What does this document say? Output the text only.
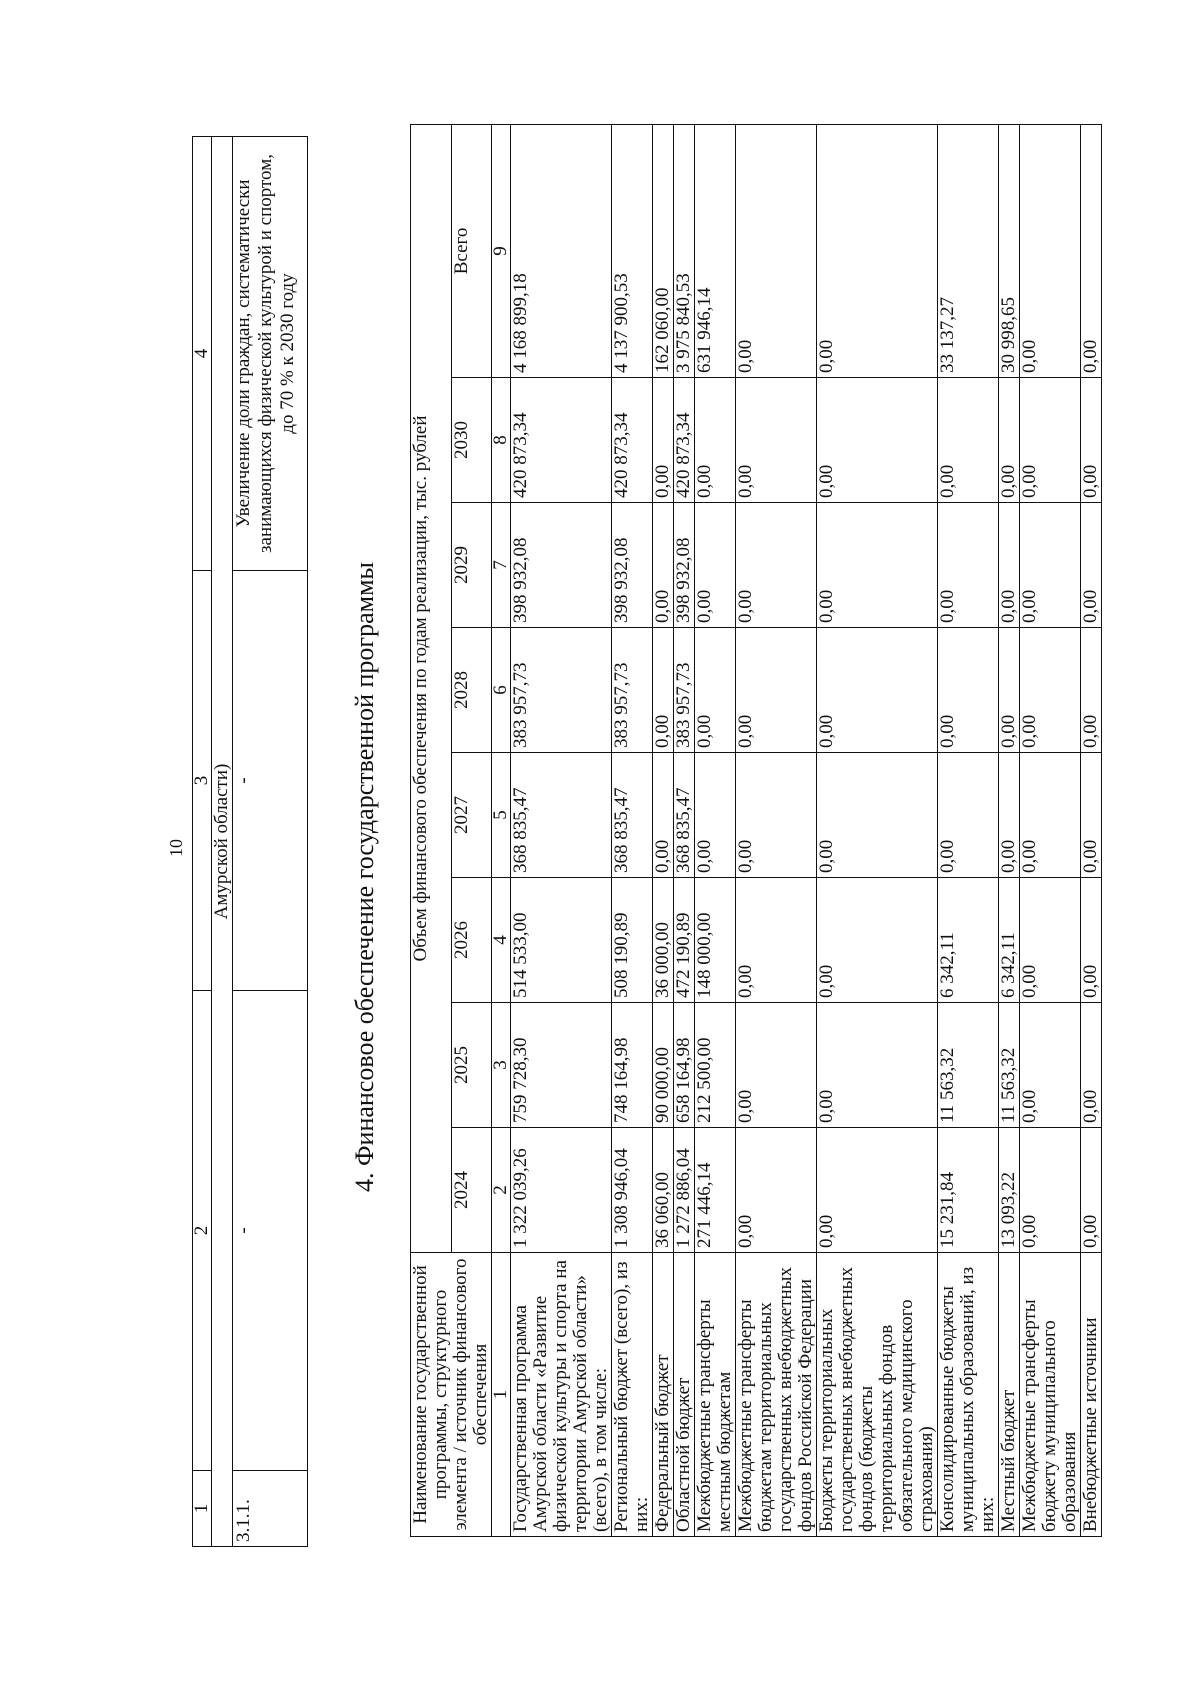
10
1	2	3	4
Амурской области)			
3.1.1.	-	-	Увеличение доли граждан, систематически занимающихся физической культурой и спортом, до 70 % к 2030 году
4. Финансовое обеспечение государственной программы
Наименование государственной программы, структурного элемента / источник финансового обеспечения	Объем финансового обеспечения по годам реализации, тыс. рублей							
	2024	2025	2026	2027	2028	2029	2030	Всего
1	2	3	4	5	6	7	8	9
Государственная программа Амурской области «Развитие физической культуры и спорта на территории Амурской области» (всего), в том числе:	1 322 039,26	759 728,30	514 533,00	368 835,47	383 957,73	398 932,08	420 873,34	4 168 899,18
Региональный бюджет (всего), из них:	1 308 946,04	748 164,98	508 190,89	368 835,47	383 957,73	398 932,08	420 873,34	4 137 900,53
Федеральный бюджет	36 060,00	90 000,00	36 000,00	0,00	0,00	0,00	0,00	162 060,00
Областной бюджет	1 272 886,04	658 164,98	472 190,89	368 835,47	383 957,73	398 932,08	420 873,34	3 975 840,53
Межбюджетные трансферты местным бюджетам	271 446,14	212 500,00	148 000,00	0,00	0,00	0,00	0,00	631 946,14
Межбюджетные трансферты бюджетам территориальных государственных внебюджетных фондов Российской Федерации	0,00	0,00	0,00	0,00	0,00	0,00	0,00	0,00
Бюджеты территориальных государственных внебюджетных фондов (бюджеты территориальных фондов обязательного медицинского страхования)	0,00	0,00	0,00	0,00	0,00	0,00	0,00	0,00
Консолидированные бюджеты муниципальных образований, из них:	15 231,84	11 563,32	6 342,11	0,00	0,00	0,00	0,00	33 137,27
Местный бюджет	13 093,22	11 563,32	6 342,11	0,00	0,00	0,00	0,00	30 998,65
Межбюджетные трансферты бюджету муниципального образования	0,00	0,00	0,00	0,00	0,00	0,00	0,00	0,00
Внебюджетные источники	0,00	0,00	0,00	0,00	0,00	0,00	0,00	0,00
